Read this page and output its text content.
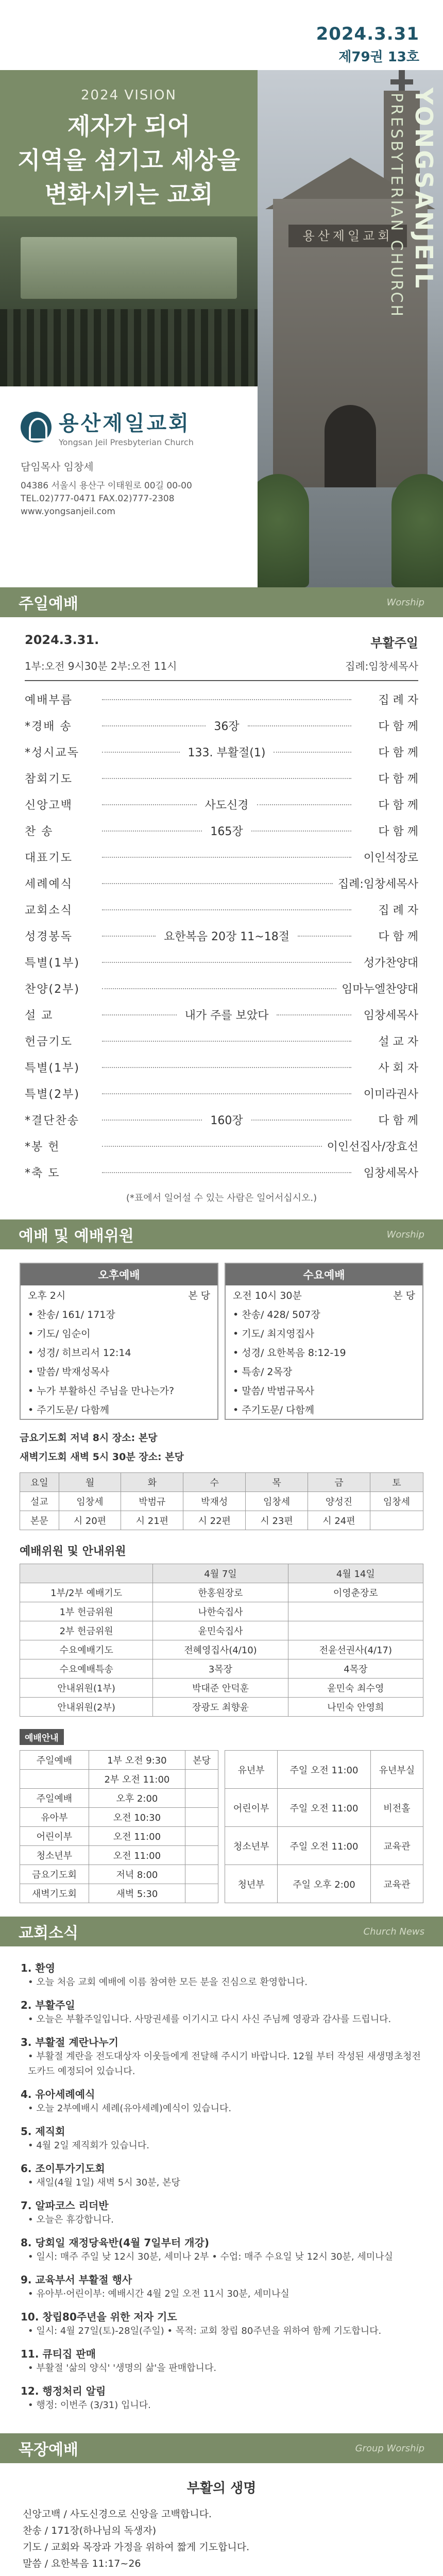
2024.3.31
제79권 13호
2024 VISION
제자가 되어
지역을 섬기고 세상을
변화시키는 교회
용산제일교회 YONGSANJEIL PRESBYTERIAN CHURCH
용산제일교회
Yongsan Jeil Presbyterian Church
담임목사 임창세
04386 서울시 용산구 이태원로 00길 00-00
TEL.02)777-0471 FAX.02)777-2308
www.yongsanjeil.com
주일예배	Worship
2024.3.31.	부활주일
1부:오전 9시30분 2부:오전 11시	집례:임창세목사
예배부름	집 례 자
*경배 송	36장	다 함 께
*성시교독	133. 부활절(1)	다 함 께
참회기도	다 함 께
신앙고백	사도신경	다 함 께
찬 송	165장	다 함 께
대표기도	이인석장로
세례예식	집례:임창세목사
교회소식	집 례 자
성경봉독	요한복음 20장 11~18절	다 함 께
특별(1부)	성가찬양대
찬양(2부)	임마누엘찬양대
설 교	내가 주를 보았다	임창세목사
헌금기도	설 교 자
특별(1부)	사 회 자
특별(2부)	이미라권사
*결단찬송	160장	다 함 께
*봉 헌	이인선집사/장효선
*축 도	임창세목사
(*표에서 일어설 수 있는 사람은 일어서십시오.)
예배 및 예배위원	Worship
오후예배
오후 2시	본 당
• 찬송/ 161/ 171장
• 기도/ 임순이
• 성경/ 히브리서 12:14
• 말씀/ 박재성목사
• 누가 부활하신 주님을 만나는가?
• 주기도문/ 다함께
수요예배
오전 10시 30분	본 당
• 찬송/ 428/ 507장
• 기도/ 최지영집사
• 성경/ 요한복음 8:12-19
• 특송/ 2목장
• 말씀/ 박범규목사
• 주기도문/ 다함께
금요기도회 저녁 8시 장소: 본당
새벽기도회 새벽 5시 30분 장소: 본당
요일	월	화	수	목	금	토
설교	임창세	박범규	박재성	임창세	양성진	임창세
본문	시 20편	시 21편	시 22편	시 23편	시 24편	
예배위원 및 안내위원
	4월 7일	4월 14일
1부/2부 예배기도	한홍원장로	이영춘장로
1부 헌금위원	나한숙집사	
2부 헌금위원	윤민숙집사	
수요예배기도	전혜영집사(4/10)	전윤선권사(4/17)
수요예배특송	3목장	4목장
안내위원(1부)	박대준 안덕훈	윤민숙 최수영
안내위원(2부)	장광도 최향윤	나민숙 안영희
예배안내
주일예배	1부 오전 9:30	본당
	2부 오전 11:00	
주일예배	오후 2:00	
유아부	오전 10:30	
어린이부	오전 11:00	
청소년부	오전 11:00	
금요기도회	저녁 8:00	
새벽기도회	새벽 5:30	
유년부	주일 오전 11:00	유년부실
어린이부	주일 오전 11:00	비전홀
청소년부	주일 오전 11:00	교육관
청년부	주일 오후 2:00	교육관
교회소식	Church News
1. 환영
• 오늘 처음 교회 예배에 이름 참여한 모든 분을 진심으로 환영합니다.
2. 부활주일
• 오늘은 부활주일입니다. 사망권세를 이기시고 다시 사신 주님께 영광과 감사를 드립니다.
3. 부활절 계란나누기
• 부활절 계란을 전도대상자 이웃들에게 전달해 주시기 바랍니다. 12월 부터 작성된 새생명초청전도카드 예정되어 있습니다.
4. 유아세례예식
• 오늘 2부예배시 세례(유아세례)예식이 있습니다.
5. 제직회
• 4월 2일 제직회가 있습니다.
6. 조이투가기도회
• 새일(4월 1일) 새벽 5시 30분, 본당
7. 알파코스 리더반
• 오늘은 휴강합니다.
8. 당회일 재정당육반(4월 7일부터 개강)
• 일시: 매주 주일 낮 12시 30분, 세미나 2부 • 수업: 매주 수요일 낮 12시 30분, 세미나실
9. 교육부서 부활절 행사
• 유아부·어린이부: 예배시간 4월 2일 오전 11시 30분, 세미나실
10. 창립80주년을 위한 저자 기도
• 일시: 4월 27일(토)-28일(주일) • 목적: 교회 창립 80주년을 위하여 함께 기도합니다.
11. 큐티집 판매
• 부활절 '삶의 양식' '생명의 삶'을 판매합니다.
12. 행정처리 알림
• 행정: 이번주 (3/31) 입니다.
목장예배	Group Worship
부활의 생명
신앙고백 / 사도신경으로 신앙을 고백합니다.
찬송 / 171장(하나님의 독생자)
기도 / 교회와 목장과 가정을 위하여 짧게 기도합니다.
말씀 / 요한복음 11:17~26
